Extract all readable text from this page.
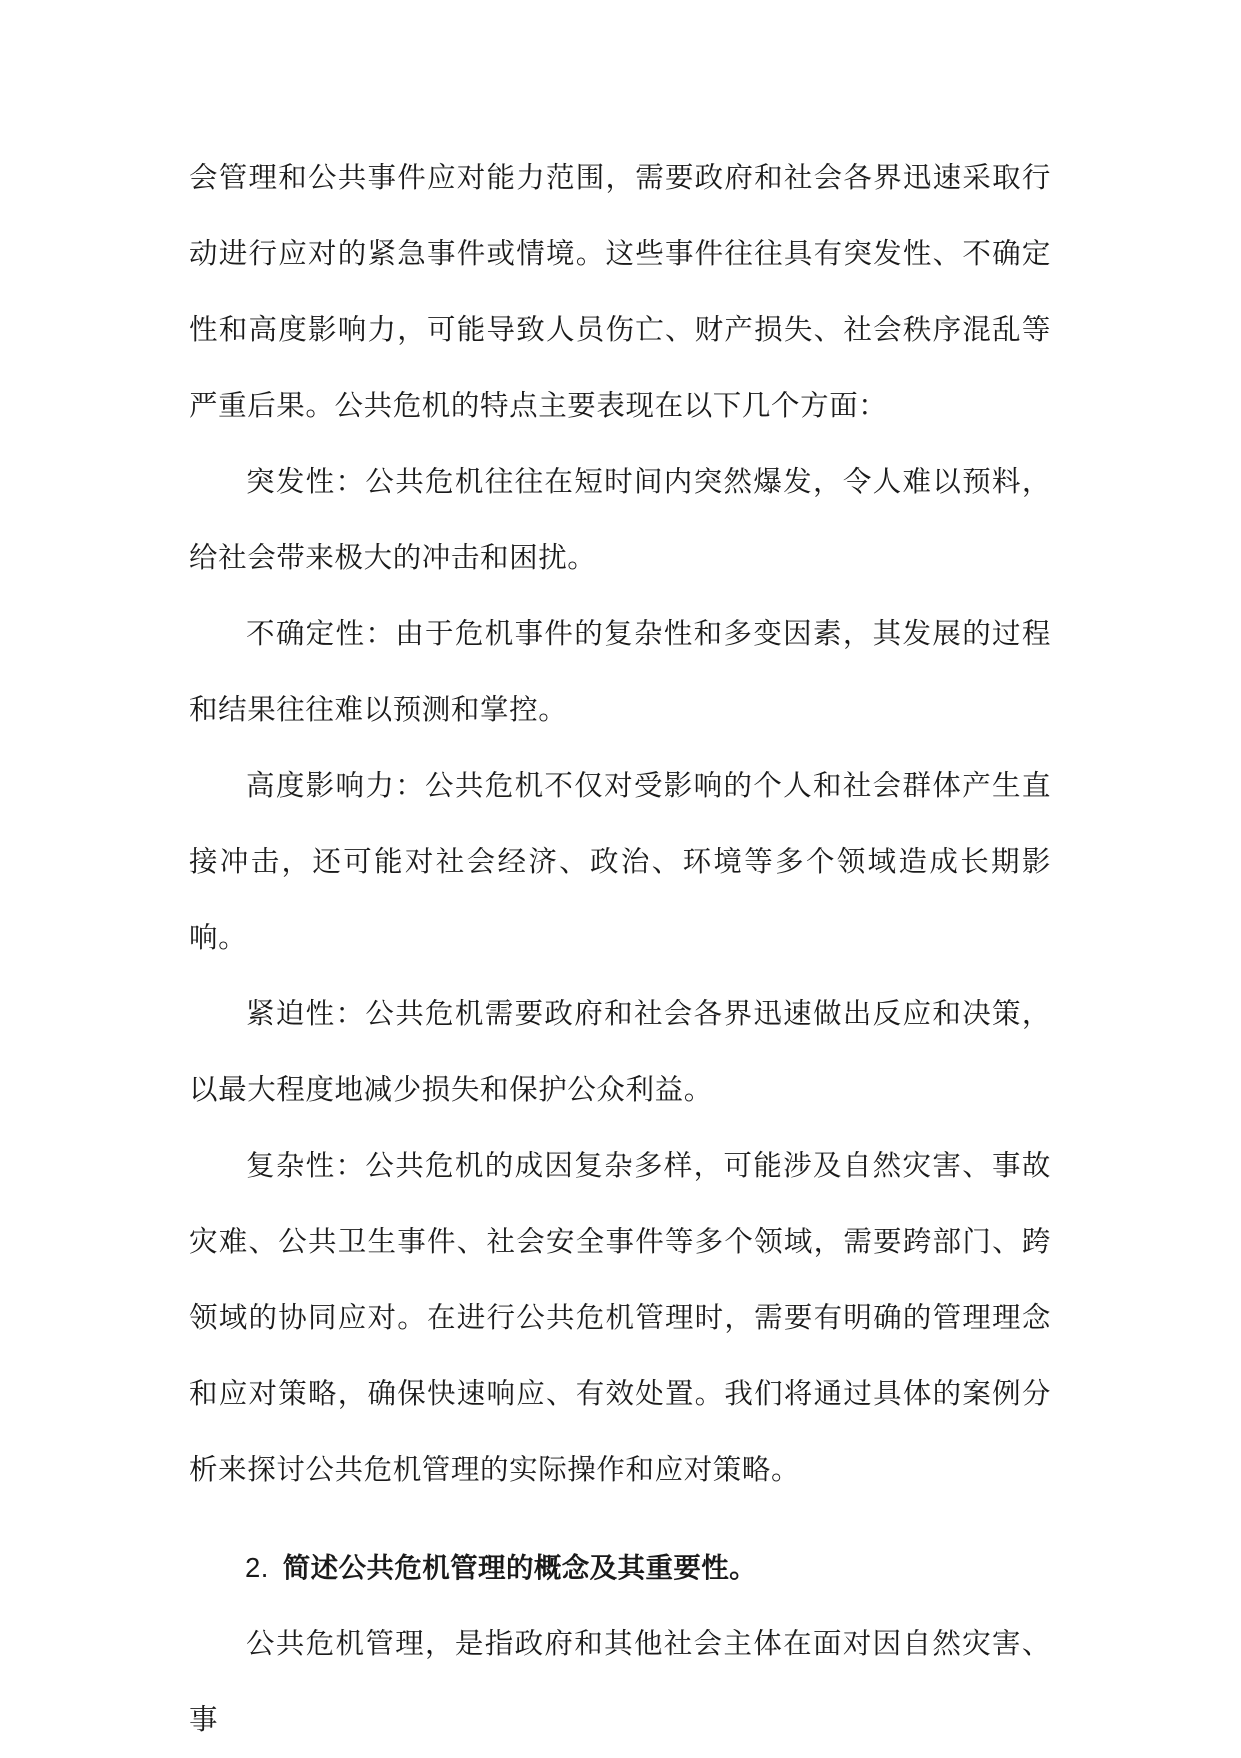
会管理和公共事件应对能力范围，需要政府和社会各界迅速采取行动进行应对的紧急事件或情境。这些事件往往具有突发性、不确定性和高度影响力，可能导致人员伤亡、财产损失、社会秩序混乱等严重后果。公共危机的特点主要表现在以下几个方面：

突发性：公共危机往往在短时间内突然爆发，令人难以预料，给社会带来极大的冲击和困扰。

不确定性：由于危机事件的复杂性和多变因素，其发展的过程和结果往往难以预测和掌控。

高度影响力：公共危机不仅对受影响的个人和社会群体产生直接冲击，还可能对社会经济、政治、环境等多个领域造成长期影响。

紧迫性：公共危机需要政府和社会各界迅速做出反应和决策，以最大程度地减少损失和保护公众利益。

复杂性：公共危机的成因复杂多样，可能涉及自然灾害、事故灾难、公共卫生事件、社会安全事件等多个领域，需要跨部门、跨领域的协同应对。在进行公共危机管理时，需要有明确的管理理念和应对策略，确保快速响应、有效处置。我们将通过具体的案例分析来探讨公共危机管理的实际操作和应对策略。

2. 简述公共危机管理的概念及其重要性。

公共危机管理，是指政府和其他社会主体在面对因自然灾害、事
